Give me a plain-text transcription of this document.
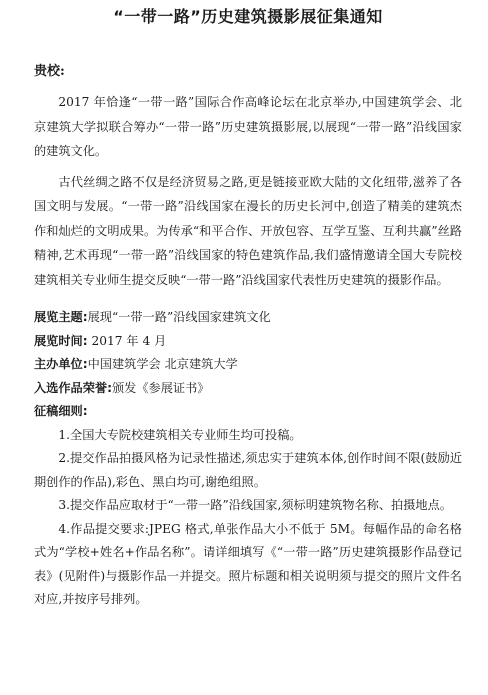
“一带一路”历史建筑摄影展征集通知
贵校:
2017 年恰逢“一带一路”国际合作高峰论坛在北京举办,中国建筑学会、北京建筑大学拟联合筹办“一带一路”历史建筑摄影展,以展现“一带一路”沿线国家的建筑文化。
古代丝绸之路不仅是经济贸易之路,更是链接亚欧大陆的文化纽带,滋养了各国文明与发展。“一带一路”沿线国家在漫长的历史长河中,创造了精美的建筑杰作和灿烂的文明成果。为传承“和平合作、开放包容、互学互鉴、互利共赢”丝路精神,艺术再现“一带一路”沿线国家的特色建筑作品,我们盛情邀请全国大专院校建筑相关专业师生提交反映“一带一路”沿线国家代表性历史建筑的摄影作品。
展览主题:展现“一带一路”沿线国家建筑文化
展览时间: 2017 年 4 月
主办单位:中国建筑学会 北京建筑大学
入选作品荣誉:颁发《参展证书》
征稿细则:
1.全国大专院校建筑相关专业师生均可投稿。
2.提交作品拍摄风格为记录性描述,须忠实于建筑本体,创作时间不限(鼓励近期创作的作品),彩色、黑白均可,谢绝组照。
3.提交作品应取材于“一带一路”沿线国家,须标明建筑物名称、拍摄地点。
4.作品提交要求:JPEG 格式,单张作品大小不低于 5M。每幅作品的命名格式为“学校+姓名+作品名称”。请详细填写《“一带一路”历史建筑摄影作品登记表》(见附件)与摄影作品一并提交。照片标题和相关说明须与提交的照片文件名对应,并按序号排列。
